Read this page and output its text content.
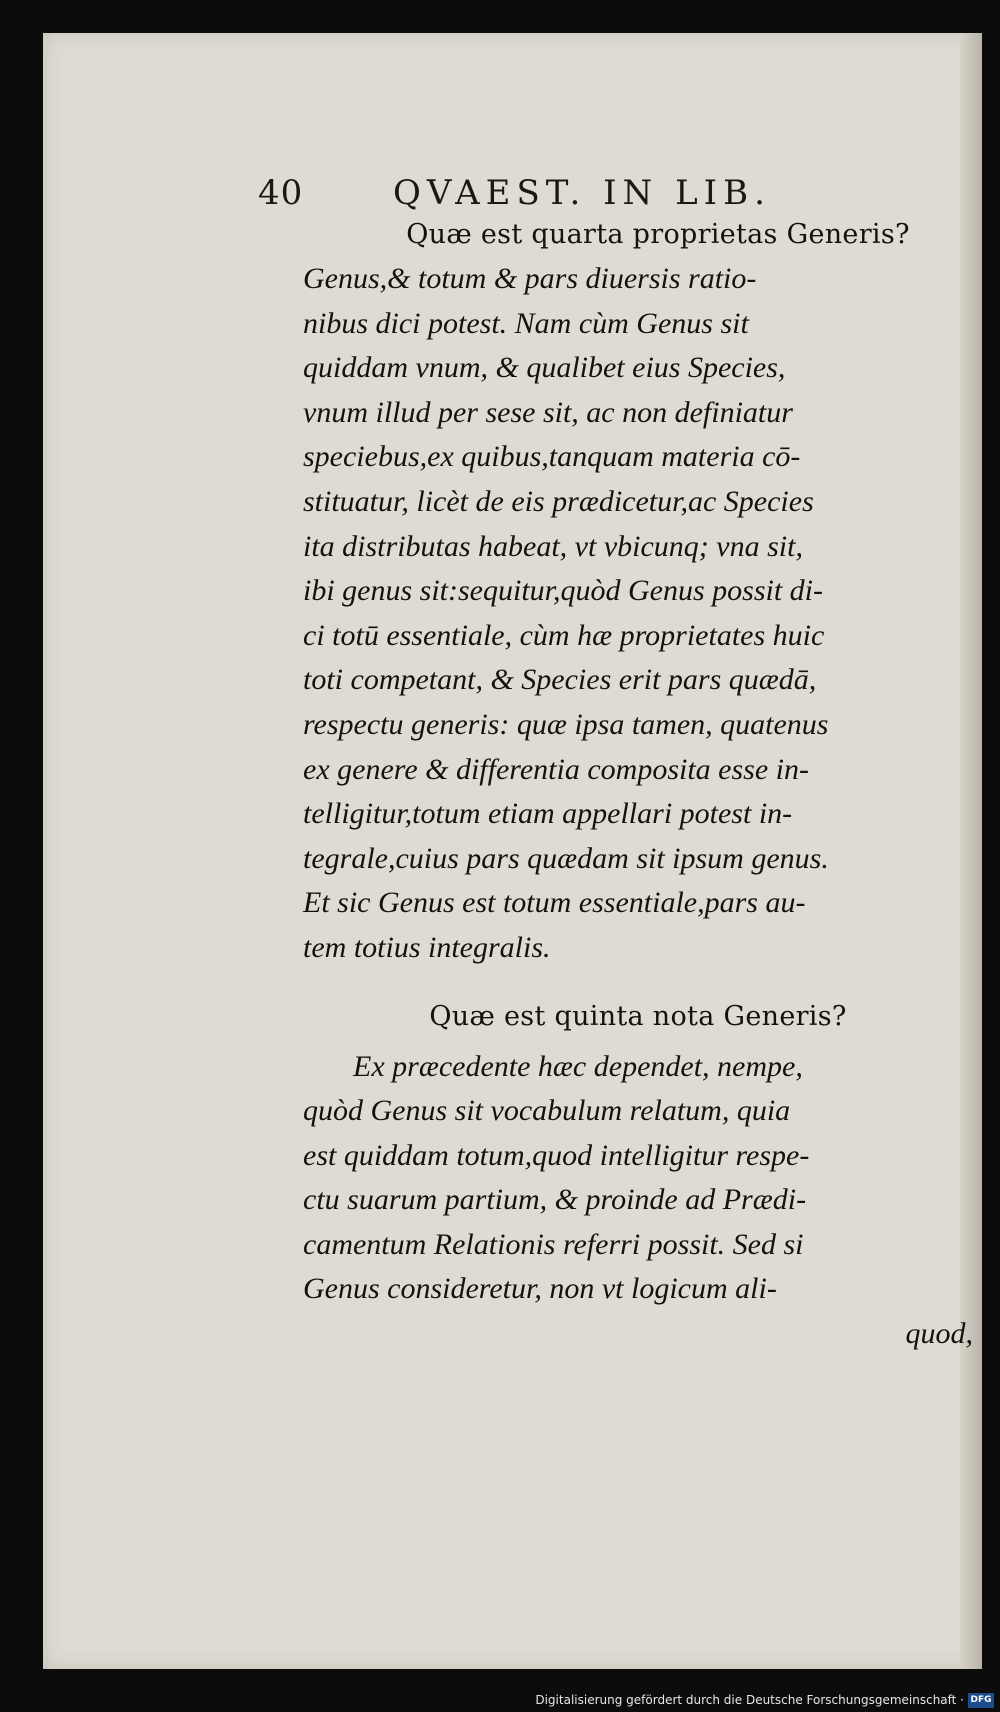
40	QVAEST. IN LIB.

Quæ est quarta proprietas Generis?

Genus,& totum & pars diuersis ratio-
nibus dici potest. Nam cùm Genus sit
quiddam vnum, & qualibet eius Species,
vnum illud per sese sit, ac non definiatur
speciebus,ex quibus,tanquam materia cō-
stituatur, licèt de eis prædicetur,ac Species
ita distributas habeat, vt vbicunq; vna sit,
ibi genus sit:sequitur,quòd Genus possit di-
ci totū essentiale, cùm hæ proprietates huic
toti competant, & Species erit pars quædā,
respectu generis: quæ ipsa tamen, quatenus
ex genere & differentia composita esse in-
telligitur,totum etiam appellari potest in-
tegrale,cuius pars quædam sit ipsum genus.
Et sic Genus est totum essentiale,pars au-
tem totius integralis.

Quæ est quinta nota Generis?

Ex præcedente hæc dependet, nempe,
quòd Genus sit vocabulum relatum, quia
est quiddam totum,quod intelligitur respe-
ctu suarum partium, & proinde ad Prædi-
camentum Relationis referri possit. Sed si
Genus consideretur, non vt logicum ali-
quod,

Digitalisierung gefördert durch die Deutsche Forschungsgemeinschaft · DFG
